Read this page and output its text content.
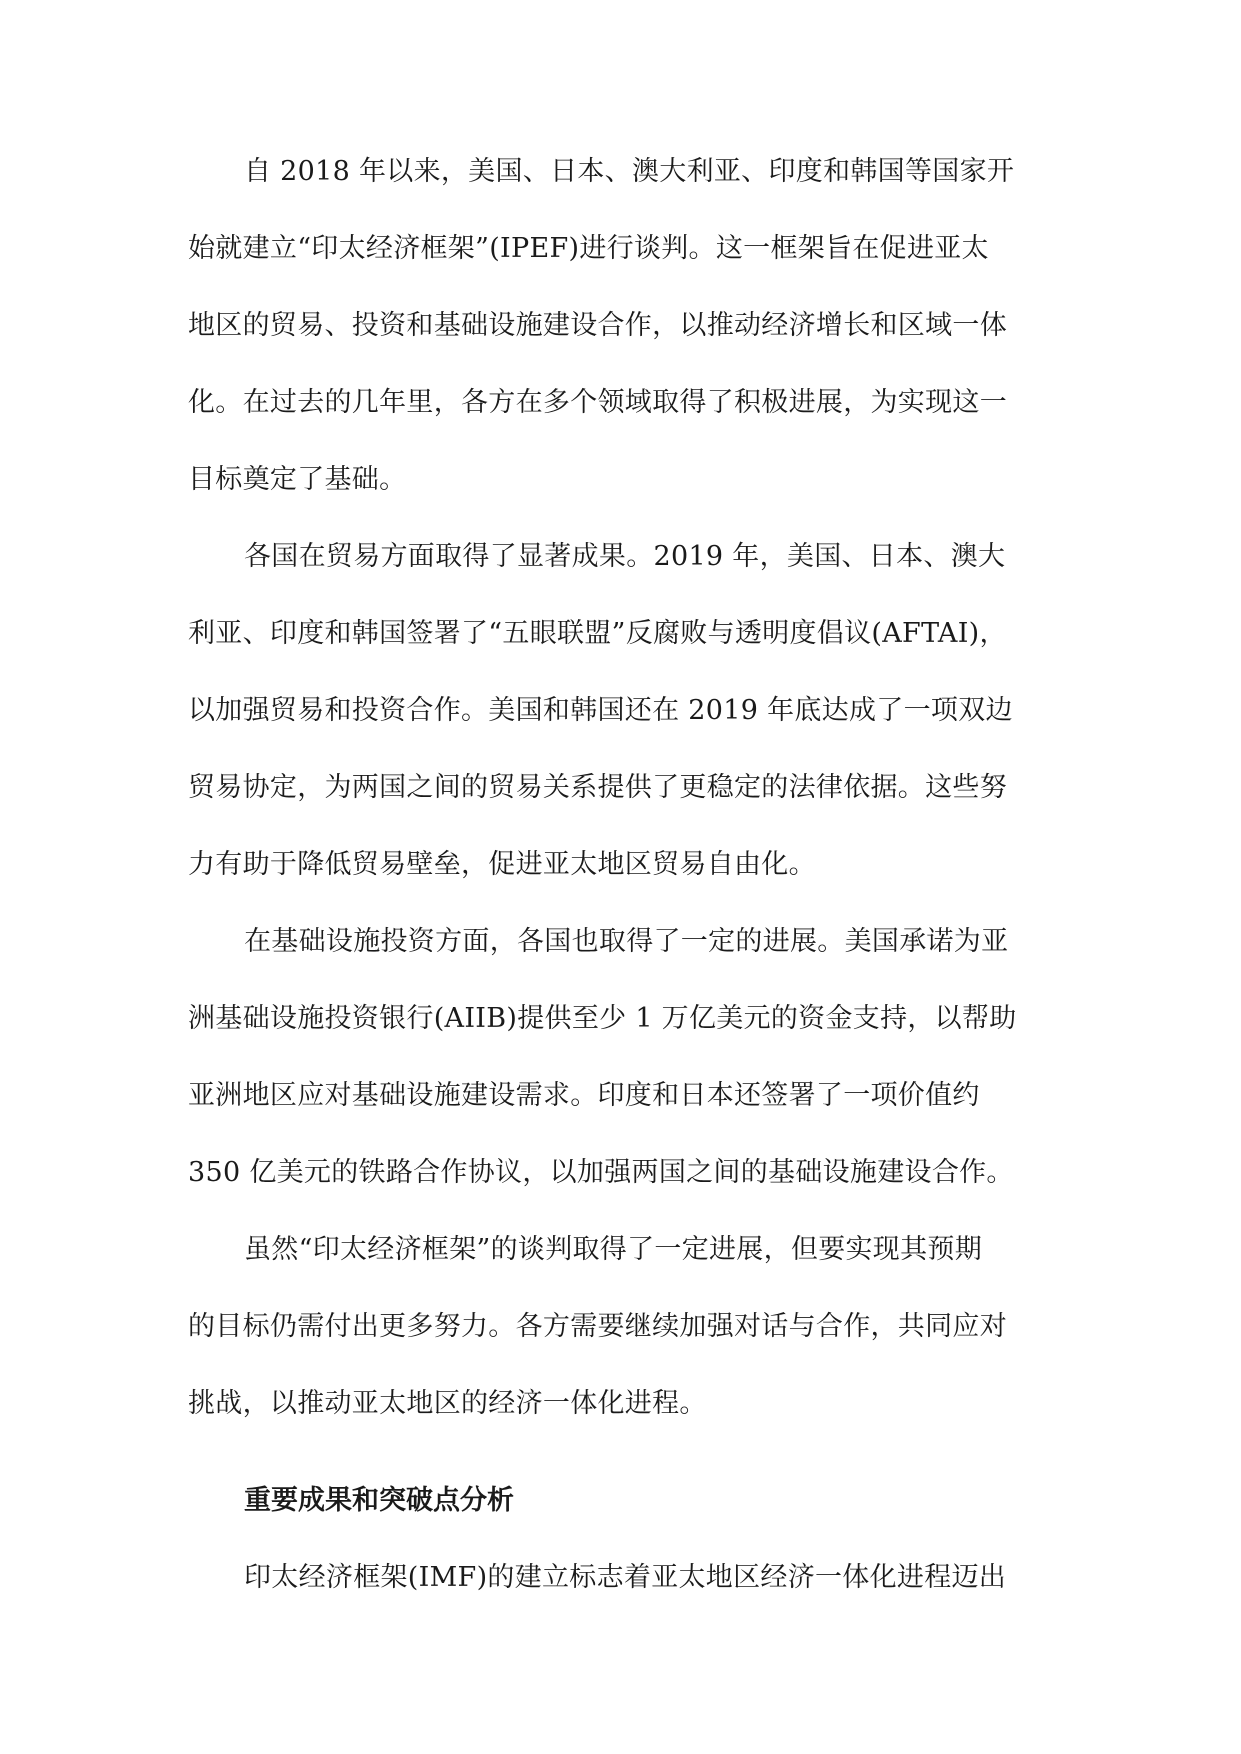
自 2018 年以来，美国、日本、澳大利亚、印度和韩国等国家开
始就建立“印太经济框架”(IPEF)进行谈判。这一框架旨在促进亚太
地区的贸易、投资和基础设施建设合作，以推动经济增长和区域一体
化。在过去的几年里，各方在多个领域取得了积极进展，为实现这一
目标奠定了基础。
各国在贸易方面取得了显著成果。2019 年，美国、日本、澳大
利亚、印度和韩国签署了“五眼联盟”反腐败与透明度倡议(AFTAI)，
以加强贸易和投资合作。美国和韩国还在 2019 年底达成了一项双边
贸易协定，为两国之间的贸易关系提供了更稳定的法律依据。这些努
力有助于降低贸易壁垒，促进亚太地区贸易自由化。
在基础设施投资方面，各国也取得了一定的进展。美国承诺为亚
洲基础设施投资银行(AIIB)提供至少 1 万亿美元的资金支持，以帮助
亚洲地区应对基础设施建设需求。印度和日本还签署了一项价值约
350 亿美元的铁路合作协议，以加强两国之间的基础设施建设合作。
虽然“印太经济框架”的谈判取得了一定进展，但要实现其预期
的目标仍需付出更多努力。各方需要继续加强对话与合作，共同应对
挑战，以推动亚太地区的经济一体化进程。
重要成果和突破点分析
印太经济框架(IMF)的建立标志着亚太地区经济一体化进程迈出
